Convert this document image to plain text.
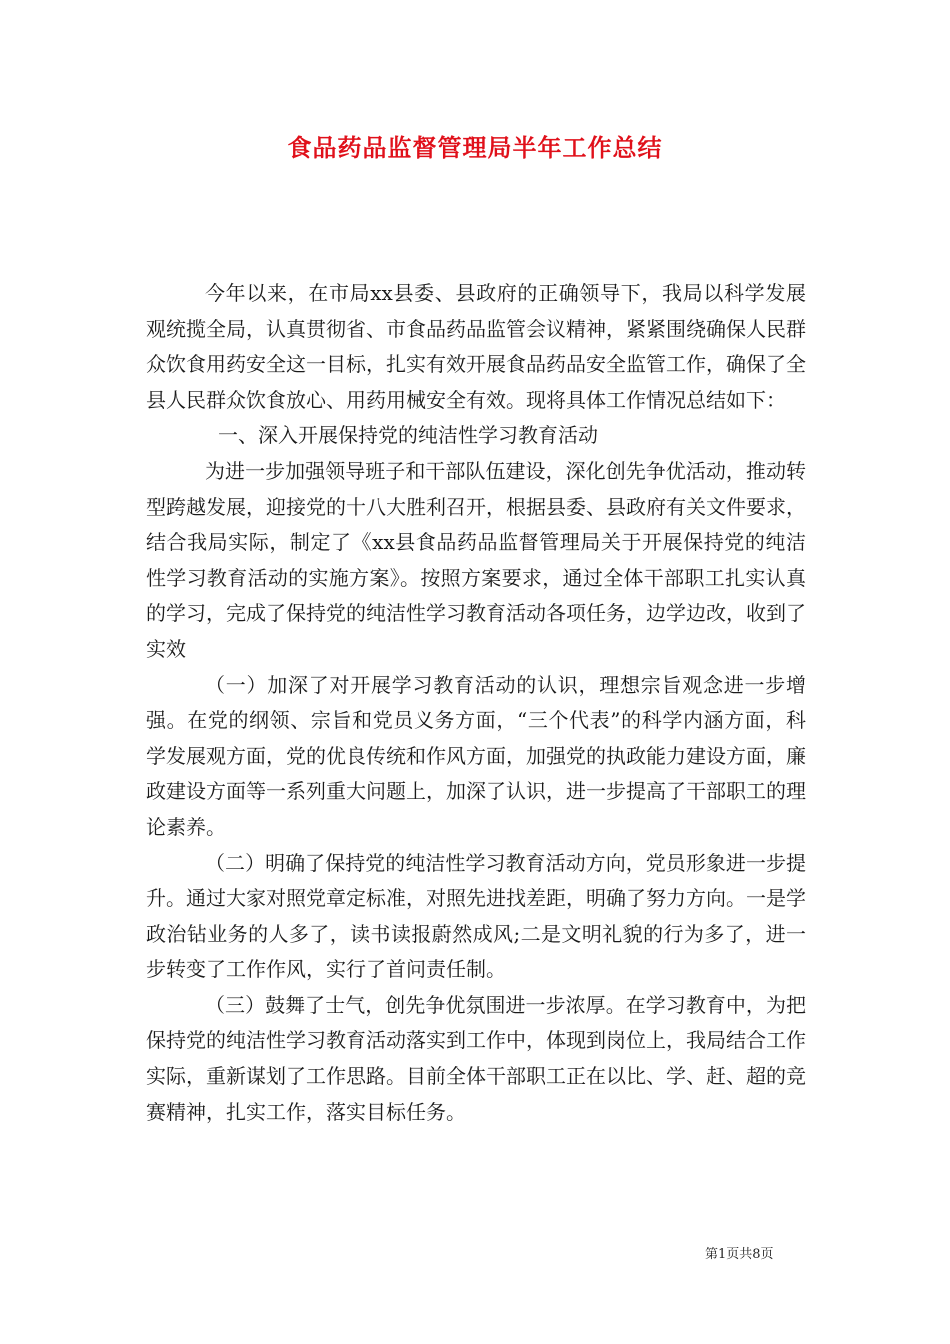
食品药品监督管理局半年工作总结

今年以来，在市局xx县委、县政府的正确领导下，我局以科学发展观统揽全局，认真贯彻省、市食品药品监管会议精神，紧紧围绕确保人民群众饮食用药安全这一目标，扎实有效开展食品药品安全监管工作，确保了全县人民群众饮食放心、用药用械安全有效。现将具体工作情况总结如下：

一、深入开展保持党的纯洁性学习教育活动

为进一步加强领导班子和干部队伍建设，深化创先争优活动，推动转型跨越发展，迎接党的十八大胜利召开，根据县委、县政府有关文件要求，结合我局实际，制定了《xx县食品药品监督管理局关于开展保持党的纯洁性学习教育活动的实施方案》。按照方案要求，通过全体干部职工扎实认真的学习，完成了保持党的纯洁性学习教育活动各项任务，边学边改，收到了实效

（一）加深了对开展学习教育活动的认识，理想宗旨观念进一步增强。在党的纲领、宗旨和党员义务方面，“三个代表”的科学内涵方面，科学发展观方面，党的优良传统和作风方面，加强党的执政能力建设方面，廉政建设方面等一系列重大问题上，加深了认识，进一步提高了干部职工的理论素养。

（二）明确了保持党的纯洁性学习教育活动方向，党员形象进一步提升。通过大家对照党章定标准，对照先进找差距，明确了努力方向。一是学政治钻业务的人多了，读书读报蔚然成风;二是文明礼貌的行为多了，进一步转变了工作作风，实行了首问责任制。

（三）鼓舞了士气，创先争优氛围进一步浓厚。在学习教育中，为把保持党的纯洁性学习教育活动落实到工作中，体现到岗位上，我局结合工作实际，重新谋划了工作思路。目前全体干部职工正在以比、学、赶、超的竞赛精神，扎实工作，落实目标任务。

第1页共8页
